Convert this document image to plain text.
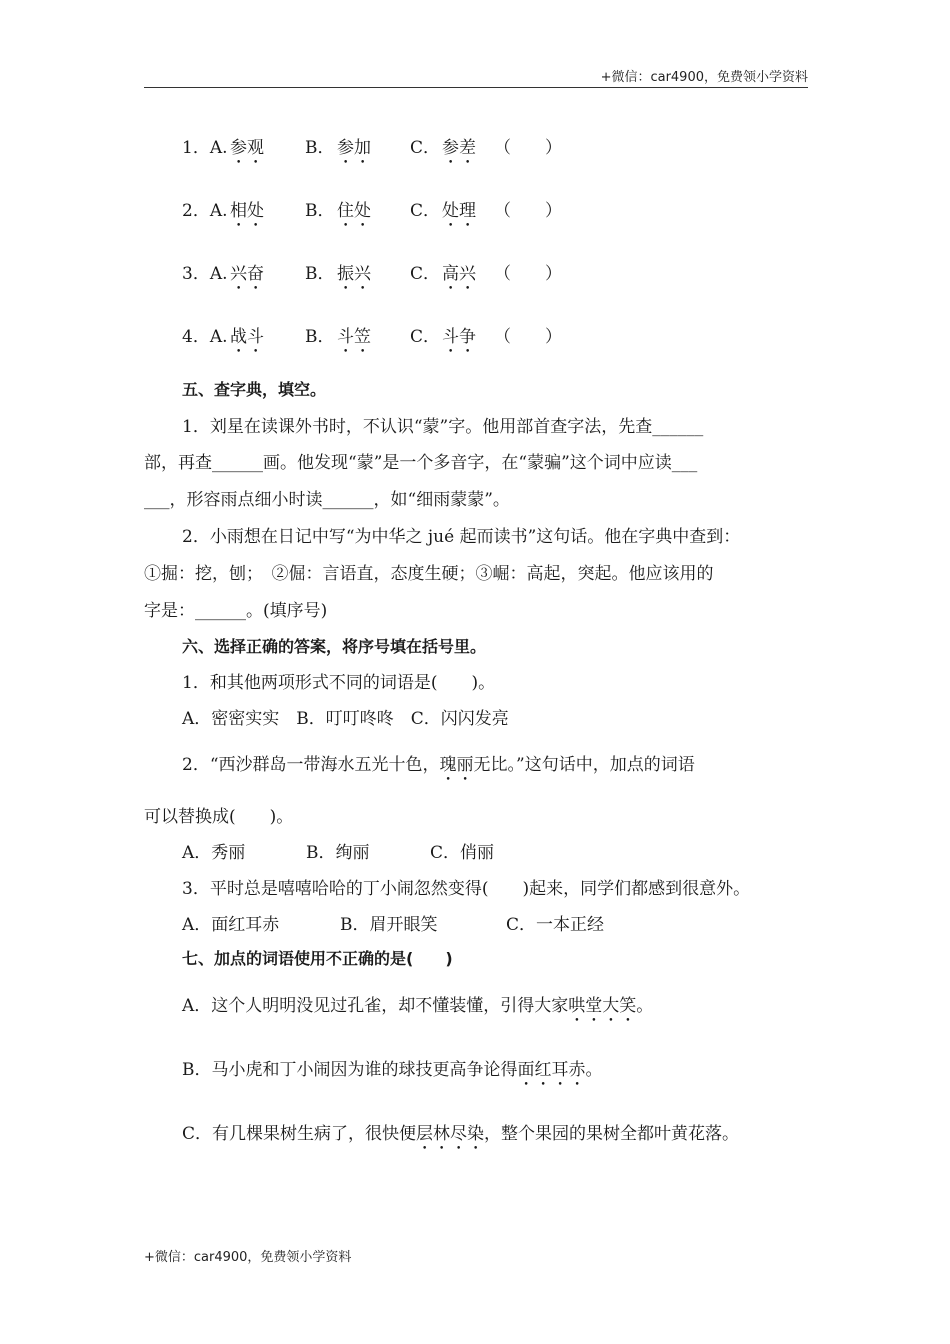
+微信：car4900，免费领小学资料
1．A. 参观 B． 参加 C． 参差 （　　）
2．A. 相处 B． 住处 C． 处理 （　　）
3．A. 兴奋 B． 振兴 C． 高兴 （　　）
4．A. 战斗 B． 斗笠 C． 斗争 （　　）
五、查字典，填空。
1．刘星在读课外书时，不认识“蒙”字。他用部首查字法，先查______
部，再查______画。他发现“蒙”是一个多音字，在“蒙骗”这个词中应读___
___，形容雨点细小时读______，如“细雨蒙蒙”。
2．小雨想在日记中写“为中华之 jué 起而读书”这句话。他在字典中查到：
①掘：挖，刨；　②倔：言语直，态度生硬；③崛：高起，突起。他应该用的
字是：______。(填序号)
六、选择正确的答案，将序号填在括号里。
1．和其他两项形式不同的词语是(　　)。
A．密密实实　B．叮叮咚咚　C．闪闪发亮
2．“西沙群岛一带海水五光十色，瑰丽无比。”这句话中，加点的词语
可以替换成(　　)。
A．秀丽	B．绚丽	C．俏丽
3．平时总是嘻嘻哈哈的丁小闹忽然变得(　　)起来，同学们都感到很意外。
A．面红耳赤	B．眉开眼笑	C．一本正经
七、加点的词语使用不正确的是(　　)
A．这个人明明没见过孔雀，却不懂装懂，引得大家哄堂大笑。
B．马小虎和丁小闹因为谁的球技更高争论得面红耳赤。
C．有几棵果树生病了，很快便层林尽染，整个果园的果树全都叶黄花落。
+微信：car4900，免费领小学资料
